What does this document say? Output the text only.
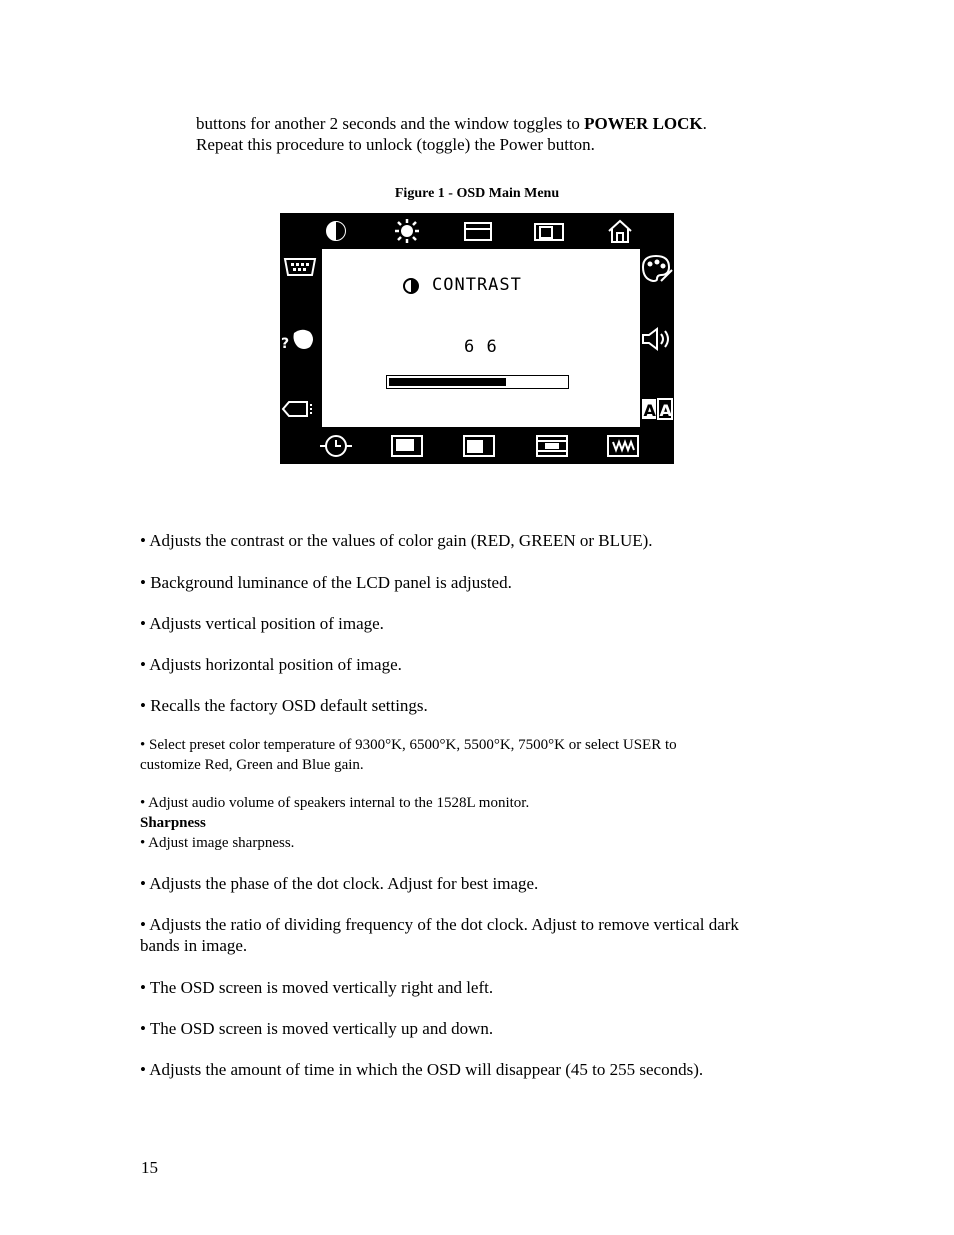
buttons for another 2 seconds and the window toggles to POWER LOCK.
Repeat this procedure to unlock (toggle) the Power button.
Figure 1 - OSD Main Menu
CONTRAST
6 6
?
A A
• Adjusts the contrast or the values of color gain (RED, GREEN or BLUE).
• Background luminance of the LCD panel is adjusted.
• Adjusts vertical position of image.
• Adjusts horizontal position of image.
• Recalls the factory OSD default settings.
• Select preset color temperature of 9300°K, 6500°K, 5500°K, 7500°K or select USER to
customize Red, Green and Blue gain.
• Adjust audio volume of speakers internal to the 1528L monitor.
Sharpness
• Adjust image sharpness.
• Adjusts the phase of the dot clock. Adjust for best image.
• Adjusts the ratio of dividing frequency of the dot clock. Adjust to remove vertical dark
bands in image.
• The OSD screen is moved vertically right and left.
• The OSD screen is moved vertically up and down.
• Adjusts the amount of time in which the OSD will disappear (45 to 255 seconds).
15
